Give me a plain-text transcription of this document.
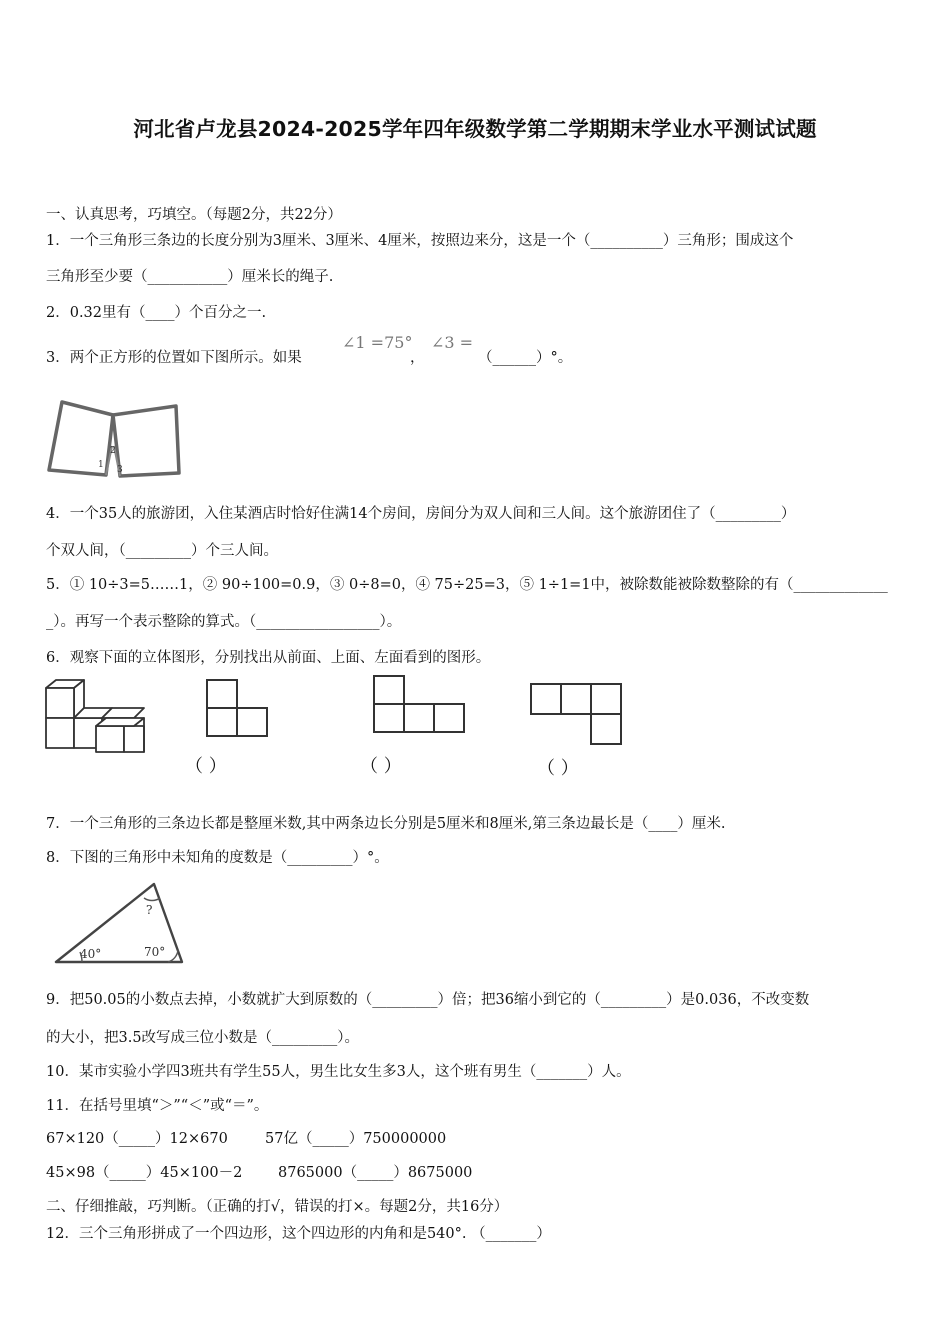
河北省卢龙县2024-2025学年四年级数学第二学期期末学业水平测试试题
一、认真思考，巧填空。（每题2分，共22分）
1．一个三角形三条边的长度分别为3厘米、3厘米、4厘米，按照边来分，这是一个（__________）三角形；围成这个
三角形至少要（___________）厘米长的绳子.
2．0.32里有（____）个百分之一.
3．两个正方形的位置如下图所示。如果
∠1 =75°
，
∠3 =
（______）°。
1
2
3
4．一个35人的旅游团，入住某酒店时恰好住满14个房间，房间分为双人间和三人间。这个旅游团住了（_________）
个双人间，（_________）个三人间。
5．① 10÷3=5……1，② 90÷100=0.9，③ 0÷8=0，④ 75÷25=3，⑤ 1÷1=1中，被除数能被除数整除的有（_____________
_）。再写一个表示整除的算式。（_________________）。
6．观察下面的立体图形，分别找出从前面、上面、左面看到的图形。
（ ）	（ ）	（ ）
7．一个三角形的三条边长都是整厘米数,其中两条边长分别是5厘米和8厘米,第三条边最长是（____）厘米.
8．下图的三角形中未知角的度数是（_________）°。
40°	70°
?
9．把50.05的小数点去掉，小数就扩大到原数的（_________）倍；把36缩小到它的（_________）是0.036，不改变数
的大小，把3.5改写成三位小数是（_________）。
10．某市实验小学四3班共有学生55人，男生比女生多3人，这个班有男生（_______）人。
11．在括号里填“＞”“＜”或“＝”。
67×120（_____）12×670	57亿（_____）750000000
45×98（_____）45×100－2 8765000（_____）8675000
二、仔细推敲，巧判断。（正确的打√，错误的打×。每题2分，共16分）
12．三个三角形拼成了一个四边形，这个四边形的内角和是540°. （_______）
